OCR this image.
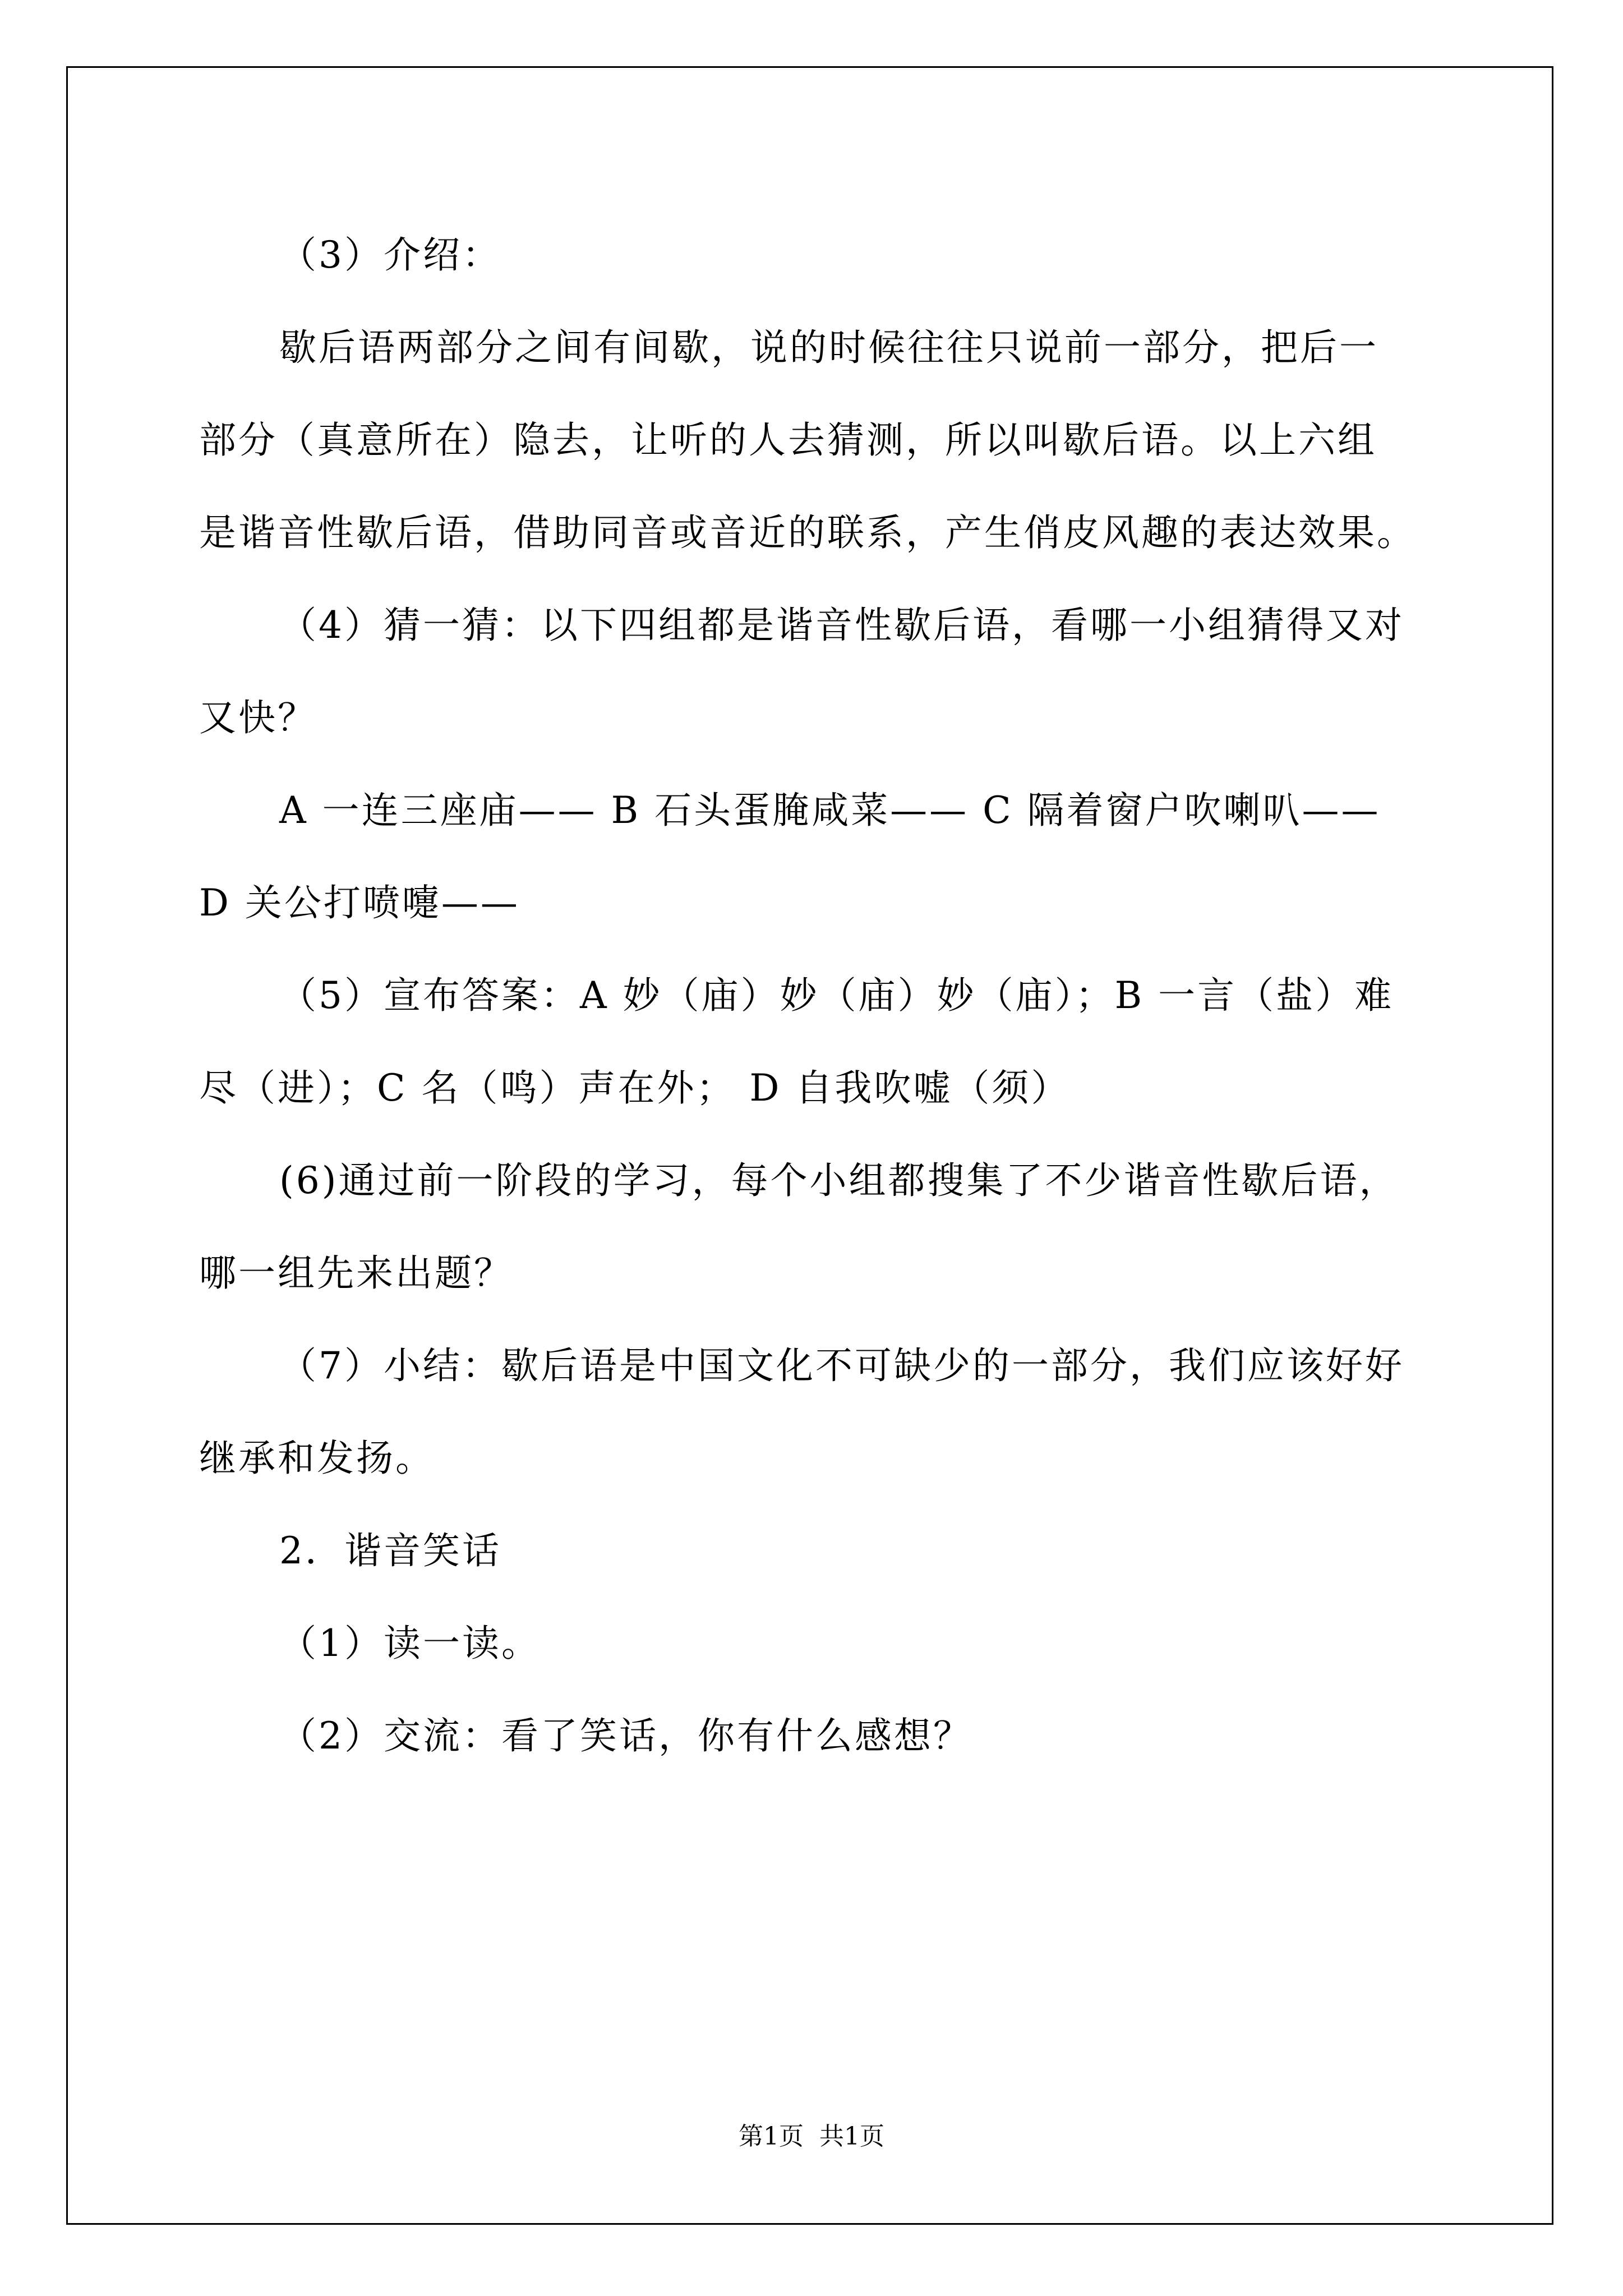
（3）介绍：
歇后语两部分之间有间歇，说的时候往往只说前一部分，把后一
部分（真意所在）隐去，让听的人去猜测，所以叫歇后语。以上六组
是谐音性歇后语，借助同音或音近的联系，产生俏皮风趣的表达效果。
（4）猜一猜：以下四组都是谐音性歇后语，看哪一小组猜得又对
又快？
A 一连三座庙—— B 石头蛋腌咸菜—— C 隔着窗户吹喇叭——
D 关公打喷嚏——
（5）宣布答案：A 妙（庙）妙（庙）妙（庙）；B 一言（盐）难
尽（进）；C 名（鸣）声在外； D 自我吹嘘（须）
(6)通过前一阶段的学习，每个小组都搜集了不少谐音性歇后语，
哪一组先来出题？
（7）小结：歇后语是中国文化不可缺少的一部分，我们应该好好
继承和发扬。
2．谐音笑话
（1）读一读。
（2）交流：看了笑话，你有什么感想？
第1页 共1页
